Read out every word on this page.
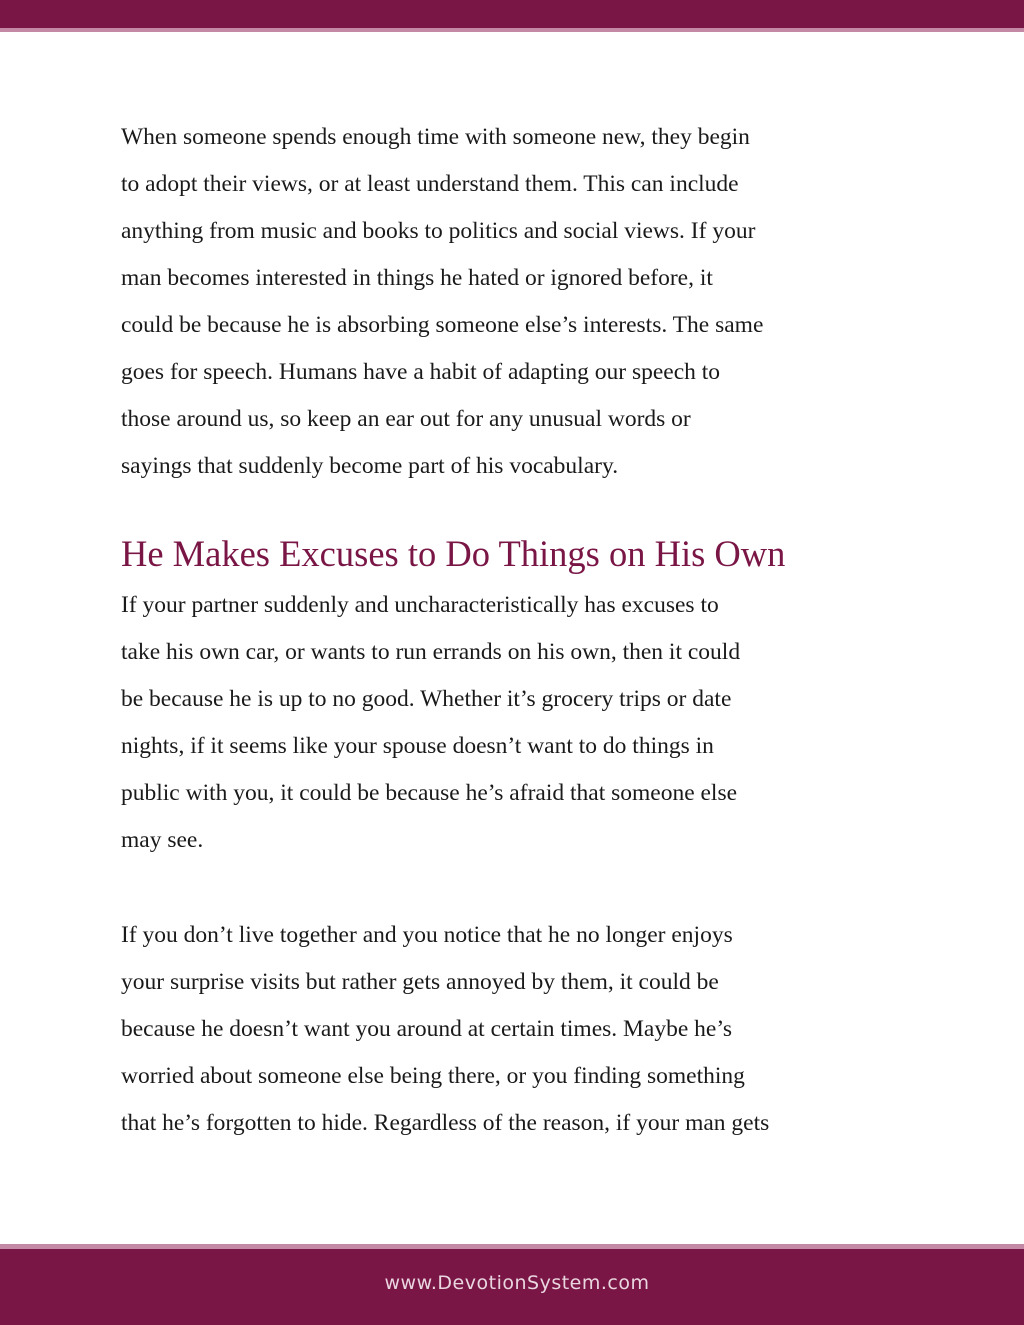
When someone spends enough time with someone new, they begin
to adopt their views, or at least understand them. This can include
anything from music and books to politics and social views. If your
man becomes interested in things he hated or ignored before, it
could be because he is absorbing someone else’s interests. The same
goes for speech. Humans have a habit of adapting our speech to
those around us, so keep an ear out for any unusual words or
sayings that suddenly become part of his vocabulary.

He Makes Excuses to Do Things on His Own

If your partner suddenly and uncharacteristically has excuses to
take his own car, or wants to run errands on his own, then it could
be because he is up to no good. Whether it’s grocery trips or date
nights, if it seems like your spouse doesn’t want to do things in
public with you, it could be because he’s afraid that someone else
may see.

If you don’t live together and you notice that he no longer enjoys
your surprise visits but rather gets annoyed by them, it could be
because he doesn’t want you around at certain times. Maybe he’s
worried about someone else being there, or you finding something
that he’s forgotten to hide. Regardless of the reason, if your man gets

www.DevotionSystem.com
